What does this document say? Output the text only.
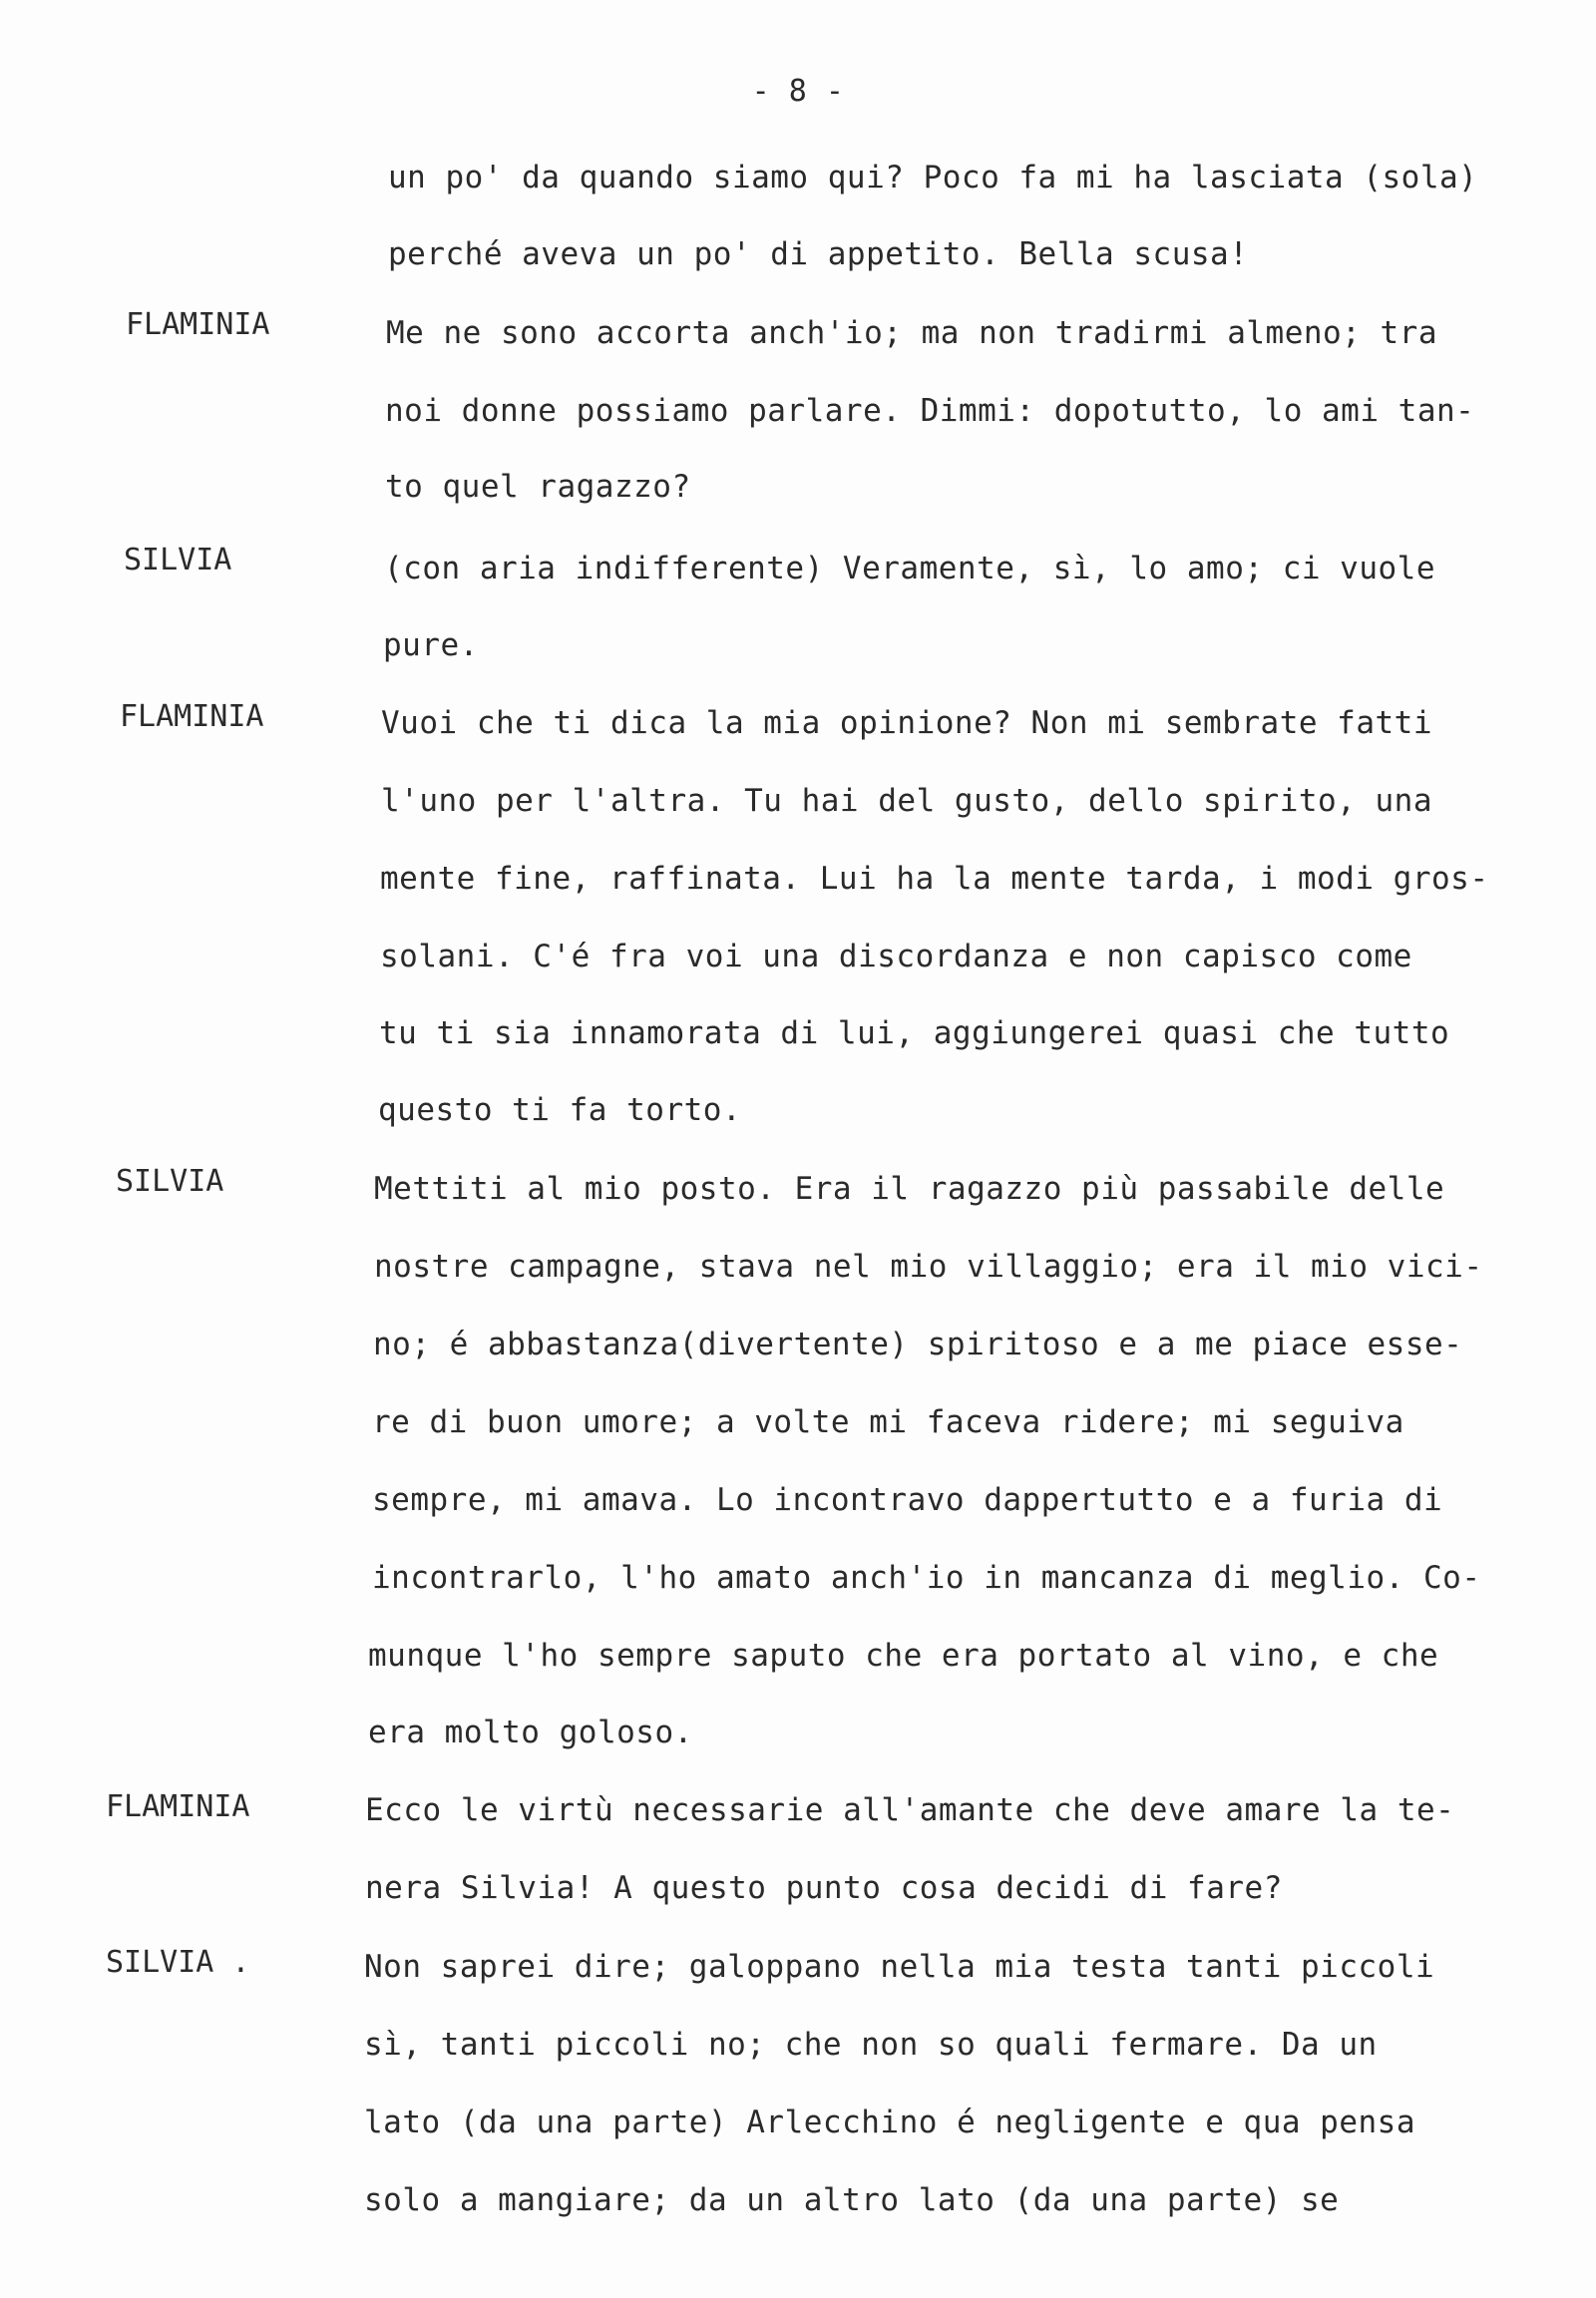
- 8 -
FLAMINIA
SILVIA
FLAMINIA
SILVIA
FLAMINIA
SILVIA .
un po' da quando siamo qui? Poco fa mi ha lasciata (sola)
perché aveva un po' di appetito. Bella scusa!
Me ne sono accorta anch'io; ma non tradirmi almeno; tra
noi donne possiamo parlare. Dimmi: dopotutto, lo ami tan-
to quel ragazzo?
(con aria indifferente) Veramente, sì, lo amo; ci vuole
pure.
Vuoi che ti dica la mia opinione? Non mi sembrate fatti
l'uno per l'altra. Tu hai del gusto, dello spirito, una
mente fine, raffinata. Lui ha la mente tarda, i modi gros-
solani. C'é fra voi una discordanza e non capisco come
tu ti sia innamorata di lui, aggiungerei quasi che tutto
questo ti fa torto.
Mettiti al mio posto. Era il ragazzo più passabile delle
nostre campagne, stava nel mio villaggio; era il mio vici-
no; é abbastanza(divertente) spiritoso e a me piace esse-
re di buon umore; a volte mi faceva ridere; mi seguiva
sempre, mi amava. Lo incontravo dappertutto e a furia di
incontrarlo, l'ho amato anch'io in mancanza di meglio. Co-
munque l'ho sempre saputo che era portato al vino, e che
era molto goloso.
Ecco le virtù necessarie all'amante che deve amare la te-
nera Silvia! A questo punto cosa decidi di fare?
Non saprei dire; galoppano nella mia testa tanti piccoli
sì, tanti piccoli no; che non so quali fermare. Da un
lato (da una parte) Arlecchino é negligente e qua pensa
solo a mangiare; da un altro lato (da una parte) se
